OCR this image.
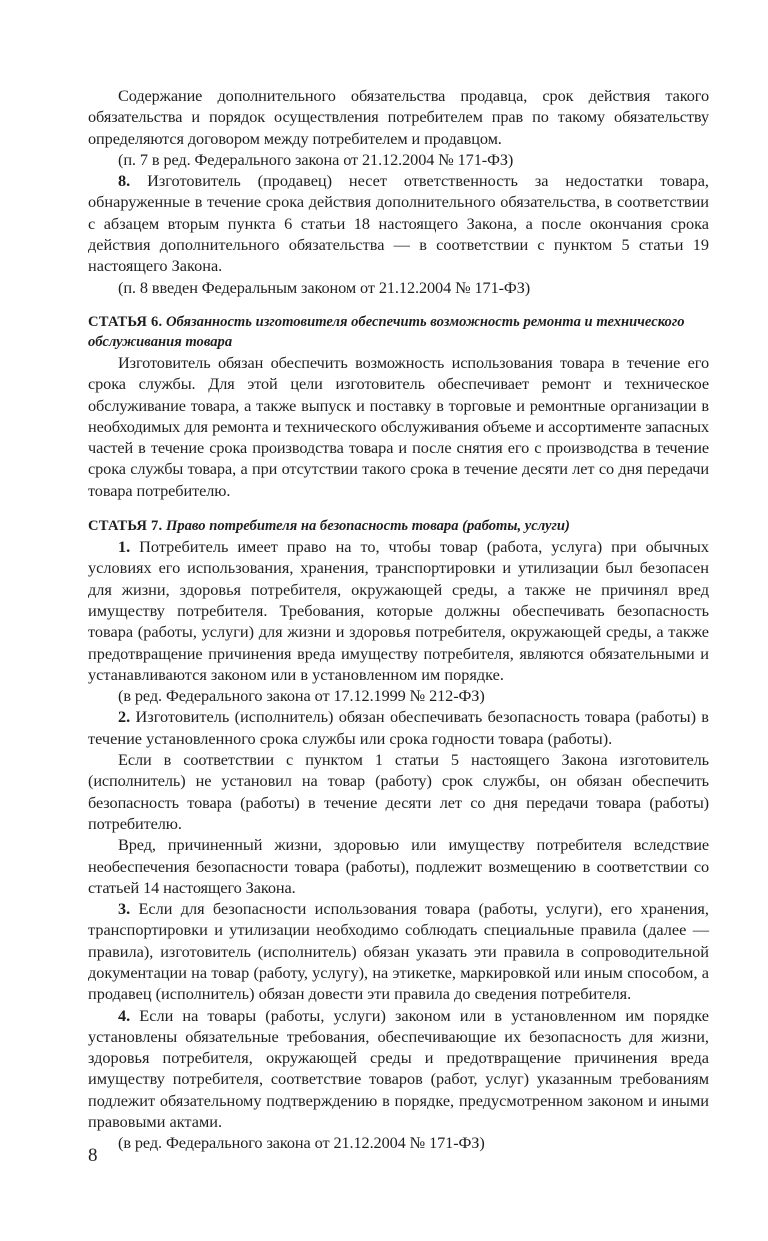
Содержание дополнительного обязательства продавца, срок действия такого обязательства и порядок осуществления потребителем прав по такому обязательству определяются договором между потребителем и продавцом.

(п. 7 в ред. Федерального закона от 21.12.2004 № 171-ФЗ)

8. Изготовитель (продавец) несет ответственность за недостатки товара, обнаруженные в течение срока действия дополнительного обязательства, в соответствии с абзацем вторым пункта 6 статьи 18 настоящего Закона, а после окончания срока действия дополнительного обязательства — в соответствии с пунктом 5 статьи 19 настоящего Закона.

(п. 8 введен Федеральным законом от 21.12.2004 № 171-ФЗ)

СТАТЬЯ 6. Обязанность изготовителя обеспечить возможность ремонта и технического обслуживания товара

Изготовитель обязан обеспечить возможность использования товара в течение его срока службы. Для этой цели изготовитель обеспечивает ремонт и техническое обслуживание товара, а также выпуск и поставку в торговые и ремонтные организации в необходимых для ремонта и технического обслуживания объеме и ассортименте запасных частей в течение срока производства товара и после снятия его с производства в течение срока службы товара, а при отсутствии такого срока в течение десяти лет со дня передачи товара потребителю.

СТАТЬЯ 7. Право потребителя на безопасность товара (работы, услуги)

1. Потребитель имеет право на то, чтобы товар (работа, услуга) при обычных условиях его использования, хранения, транспортировки и утилизации был безопасен для жизни, здоровья потребителя, окружающей среды, а также не причинял вред имуществу потребителя. Требования, которые должны обеспечивать безопасность товара (работы, услуги) для жизни и здоровья потребителя, окружающей среды, а также предотвращение причинения вреда имуществу потребителя, являются обязательными и устанавливаются законом или в установленном им порядке.

(в ред. Федерального закона от 17.12.1999 № 212-ФЗ)

2. Изготовитель (исполнитель) обязан обеспечивать безопасность товара (работы) в течение установленного срока службы или срока годности товара (работы).

Если в соответствии с пунктом 1 статьи 5 настоящего Закона изготовитель (исполнитель) не установил на товар (работу) срок службы, он обязан обеспечить безопасность товара (работы) в течение десяти лет со дня передачи товара (работы) потребителю.

Вред, причиненный жизни, здоровью или имуществу потребителя вследствие необеспечения безопасности товара (работы), подлежит возмещению в соответствии со статьей 14 настоящего Закона.

3. Если для безопасности использования товара (работы, услуги), его хранения, транспортировки и утилизации необходимо соблюдать специальные правила (далее — правила), изготовитель (исполнитель) обязан указать эти правила в сопроводительной документации на товар (работу, услугу), на этикетке, маркировкой или иным способом, а продавец (исполнитель) обязан довести эти правила до сведения потребителя.

4. Если на товары (работы, услуги) законом или в установленном им порядке установлены обязательные требования, обеспечивающие их безопасность для жизни, здоровья потребителя, окружающей среды и предотвращение причинения вреда имуществу потребителя, соответствие товаров (работ, услуг) указанным требованиям подлежит обязательному подтверждению в порядке, предусмотренном законом и иными правовыми актами.

(в ред. Федерального закона от 21.12.2004 № 171-ФЗ)

8
